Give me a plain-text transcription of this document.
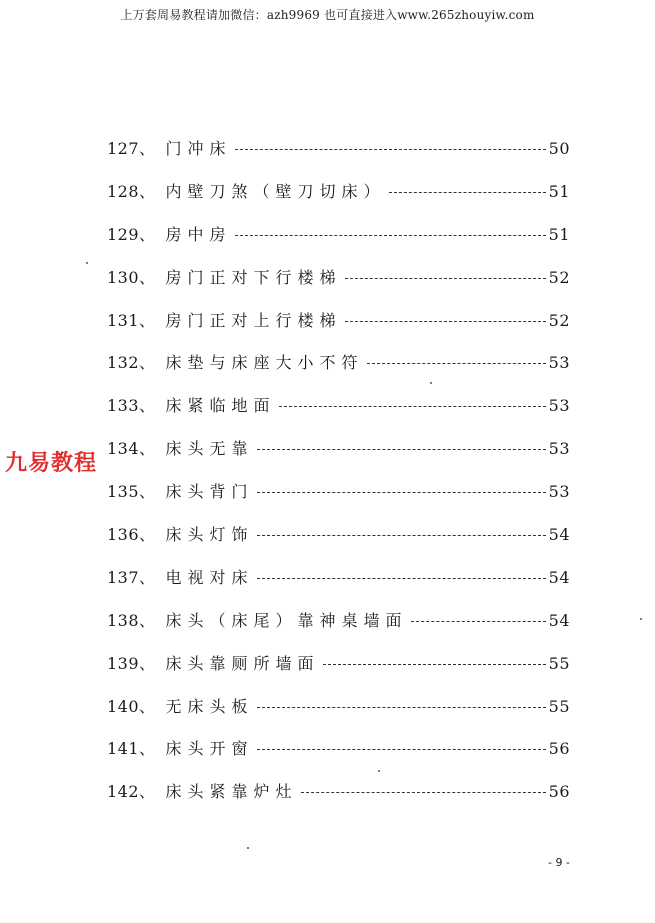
上万套周易教程请加微信：azh9969 也可直接进入www.265zhouyiw.com
127、 门冲床	50
128、 内壁刀煞（壁刀切床）	51
129、 房中房	51
130、 房门正对下行楼梯	52
131、 房门正对上行楼梯	52
132、 床垫与床座大小不符	53
133、 床紧临地面	53
134、 床头无靠	53
135、 床头背门	53
136、 床头灯饰	54
137、 电视对床	54
138、 床头（床尾）靠神桌墙面	54
139、 床头靠厕所墙面	55
140、 无床头板	55
141、 床头开窗	56
142、 床头紧靠炉灶	56
九易教程
- 9 -
